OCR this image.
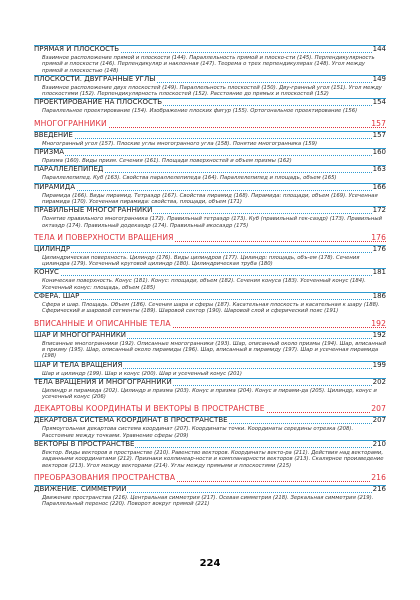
ПРЯМАЯ И ПЛОСКОСТЬ	144
Взаимное расположение прямой и плоскости (144). Параллельность прямой и плоско-сти (145). Перпендикулярность прямой и плоскости (146). Перпендикуляр и наклонная (147). Теорема о трех перпендикулярах (148). Угол между прямой и плоскостью (148)
ПЛОСКОСТИ. ДВУГРАННЫЕ УГЛЫ	149
Взаимное расположение двух плоскостей (149). Параллельность плоскостей (150). Дву-гранный угол (151). Угол между плоскостями (152). Перпендикулярность плоскостей (152). Расстояние до прямых и плоскостей (152)
ПРОЕКТИРОВАНИЕ НА ПЛОСКОСТЬ	154
Параллельное проектирование (154). Изображение плоских фигур (155). Ортогональное проектирование (156)
МНОГОГРАННИКИ	157
ВВЕДЕНИЕ	157
Многогранный угол (157). Плоские углы многогранного угла (158). Понятие многогранника (159)
ПРИЗМА	160
Призма (160). Виды призм. Сечения (161). Площади поверхностей и объем призмы (162)
ПАРАЛЛЕЛЕПИПЕД	163
Параллелепипед. Куб (163). Свойства параллелепипеда (164). Параллелепипед и площадь, объем (165)
ПИРАМИДА	166
Пирамида (166). Виды пирамид. Тетраэдр (167). Свойства пирамид (168). Пирамида: площади, объем (169). Усеченная пирамида (170). Усеченная пирамида: свойства, площади, объем (171)
ПРАВИЛЬНЫЕ МНОГОГРАННИКИ	172
Понятие правильного многогранника (172). Правильный тетраэдр (173). Куб (правильный гек-саэдр) (173). Правильный октаэдр (174). Правильный додекаэдр (174). Правильный икосаэдр (175)
ТЕЛА И ПОВЕРХНОСТИ ВРАЩЕНИЯ	176
ЦИЛИНДР	176
Цилиндрическая поверхность. Цилиндр (176). Виды цилиндров (177). Цилиндр: площадь, объ-ем (178). Сечения цилиндра (179). Усеченный круговой цилиндр (180). Цилиндрическая труба (180)
КОНУС	181
Коническая поверхность. Конус (181). Конус: площади, объем (182). Сечения конуса (183). Усеченный конус (184). Усеченный конус: площадь, объем (185)
СФЕРА. ШАР	186
Сфера и шар. Площадь. Объем (186). Сечения шара и сферы (187). Касательная плоскость и касательная к шару (188). Сферический и шаровой сегменты (189). Шаровой сектор (190). Шаровой слой и сферический пояс (191)
ВПИСАННЫЕ И ОПИСАННЫЕ ТЕЛА	192
ШАР И МНОГОГРАННИКИ	192
Вписанные многогранники (192). Описанные многогранники (193). Шар, описанный около призмы (194). Шар, вписанный в призму (195). Шар, описанный около пирамиды (196). Шар, вписанный в пирамиду (197). Шар и усеченная пирамида (198)
ШАР И ТЕЛА ВРАЩЕНИЯ	199
Шар и цилиндр (199). Шар и конус (200). Шар и усеченный конус (201)
ТЕЛА ВРАЩЕНИЯ И МНОГОГРАННИКИ	202
Цилиндр и пирамида (202). Цилиндр и призма (203). Конус и призма (204). Конус и пирами-да (205). Цилиндр, конус и усеченный конус (206)
ДЕКАРТОВЫ КООРДИНАТЫ И ВЕКТОРЫ В ПРОСТРАНСТВЕ	207
ДЕКАРТОВА СИСТЕМА КООРДИНАТ В ПРОСТРАНСТВЕ	207
Прямоугольная декартова система координат (207). Координаты точки. Координаты середины отрезка (208). Расстояние между точками. Уравнение сферы (209)
ВЕКТОРЫ В ПРОСТРАНСТВЕ	210
Вектор. Виды векторов в пространстве (210). Равенство векторов. Координаты векто-ра (211). Действия над векторами, заданными координатами (212). Признаки коллинеар-ности и компланарности векторов (213). Скалярное произведение векторов (213). Угол между векторами (214). Углы между прямыми и плоскостями (215)
ПРЕОБРАЗОВАНИЯ ПРОСТРАНСТВА	216
ДВИЖЕНИЕ. СИММЕТРИИ	216
Движение пространства (216). Центральная симметрия (217). Осевая симметрия (218). Зеркальная симметрия (219). Параллельный перенос (220). Поворот вокруг прямой (221)
224
